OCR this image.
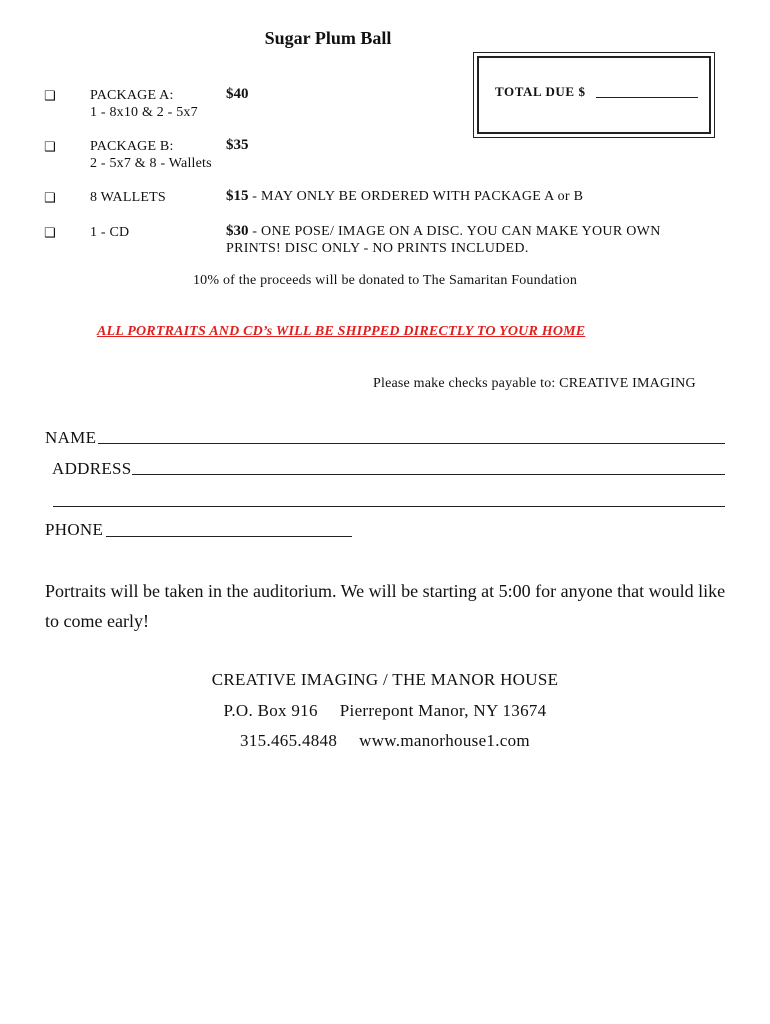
Sugar Plum Ball
TOTAL DUE $
❑ PACKAGE A:
1 - 8x10 & 2 - 5x7
$40
❑ PACKAGE B:
2 - 5x7 & 8 - Wallets
$35
❑ 8 WALLETS	$15 - MAY ONLY BE ORDERED WITH PACKAGE A or B
❑ 1 - CD	$30 - ONE POSE/ IMAGE ON A DISC. YOU CAN MAKE YOUR OWN
PRINTS! DISC ONLY - NO PRINTS INCLUDED.
10% of the proceeds will be donated to The Samaritan Foundation
ALL PORTRAITS AND CD’s WILL BE SHIPPED DIRECTLY TO YOUR HOME
Please make checks payable to: CREATIVE IMAGING
NAME
ADDRESS
PHONE
Portraits will be taken in the auditorium. We will be starting at 5:00 for anyone that would like to come early!
CREATIVE IMAGING / THE MANOR HOUSE
P.O. Box 916 Pierrepont Manor, NY 13674
315.465.4848 www.manorhouse1.com
